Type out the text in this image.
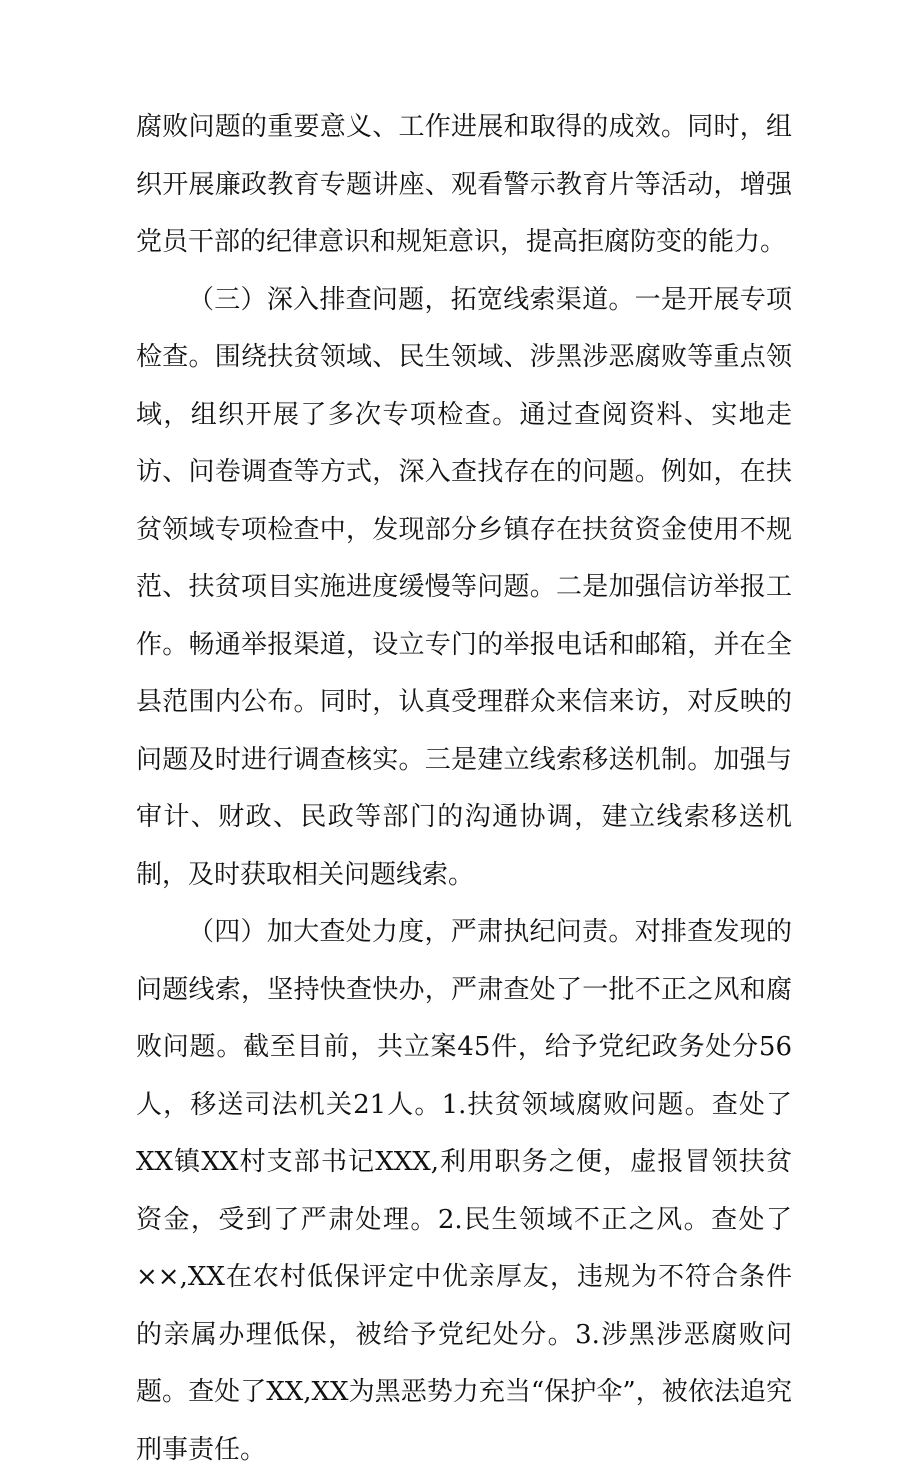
腐败问题的重要意义、工作进展和取得的成效。同时，组织开展廉政教育专题讲座、观看警示教育片等活动，增强党员干部的纪律意识和规矩意识，提高拒腐防变的能力。

（三）深入排查问题，拓宽线索渠道。一是开展专项检查。围绕扶贫领域、民生领域、涉黑涉恶腐败等重点领域，组织开展了多次专项检查。通过查阅资料、实地走访、问卷调查等方式，深入查找存在的问题。例如，在扶贫领域专项检查中，发现部分乡镇存在扶贫资金使用不规范、扶贫项目实施进度缓慢等问题。二是加强信访举报工作。畅通举报渠道，设立专门的举报电话和邮箱，并在全县范围内公布。同时，认真受理群众来信来访，对反映的问题及时进行调查核实。三是建立线索移送机制。加强与审计、财政、民政等部门的沟通协调，建立线索移送机制，及时获取相关问题线索。

（四）加大查处力度，严肃执纪问责。对排查发现的问题线索，坚持快查快办，严肃查处了一批不正之风和腐败问题。截至目前，共立案45件，给予党纪政务处分56人，移送司法机关21人。1.扶贫领域腐败问题。查处了XX镇XX村支部书记XXX,利用职务之便，虚报冒领扶贫资金，受到了严肃处理。2.民生领域不正之风。查处了××,XX在农村低保评定中优亲厚友，违规为不符合条件的亲属办理低保，被给予党纪处分。3.涉黑涉恶腐败问题。查处了XX,XX为黑恶势力充当“保护伞”，被依法追究刑事责任。
